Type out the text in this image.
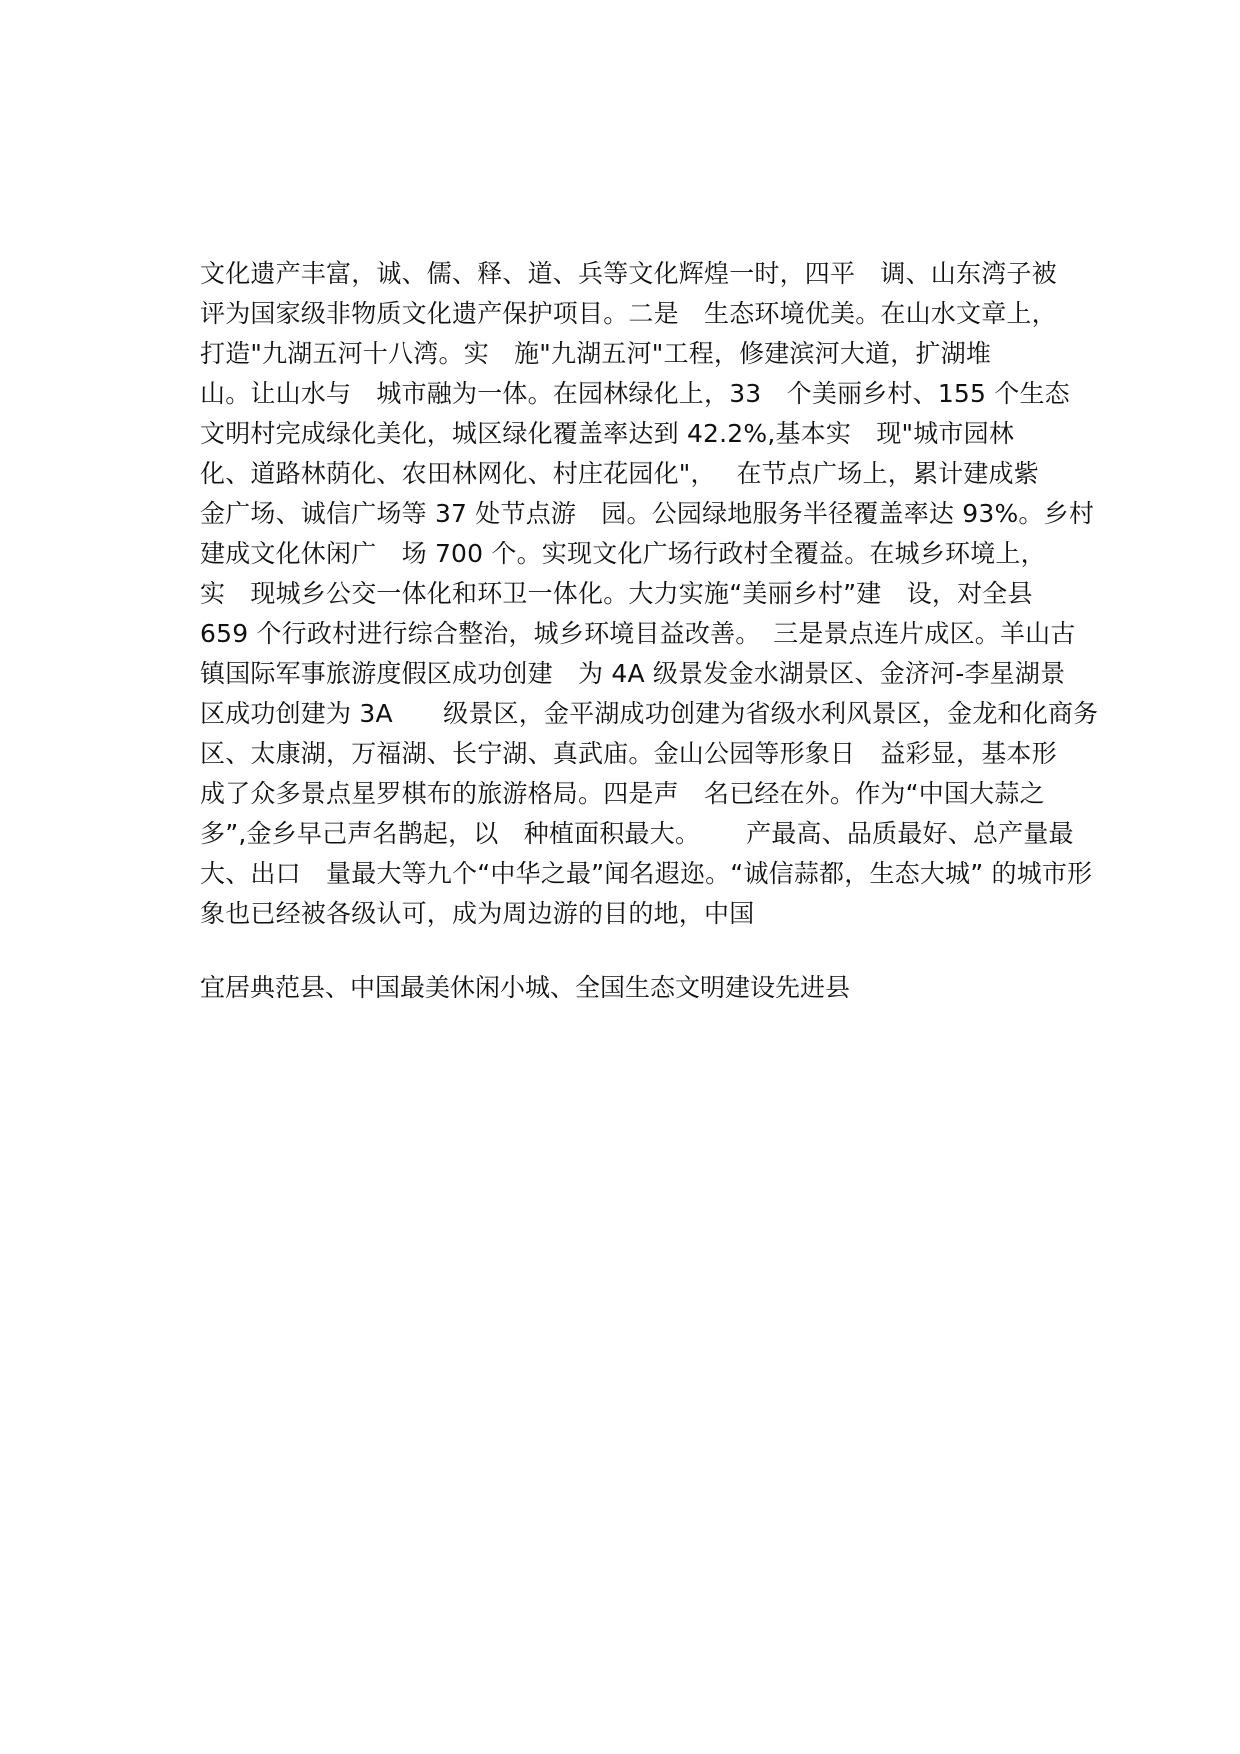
文化遗产丰富，诚、儒、释、道、兵等文化辉煌一时，四平　调、山东湾子被
评为国家级非物质文化遗产保护项目。二是　生态环境优美。在山水文章上，
打造"九湖五河十八湾。实　施"九湖五河"工程，修建滨河大道，扩湖堆
山。让山水与　城市融为一体。在园林绿化上，33　个美丽乡村、155 个生态
文明村完成绿化美化，城区绿化覆盖率达到 42.2%,基本实　现"城市园林
化、道路林荫化、农田林网化、村庄花园化"，　 在节点广场上，累计建成紫
金广场、诚信广场等 37 处节点游　园。公园绿地服务半径覆盖率达 93%。乡村
建成文化休闲广　场 700 个。实现文化广场行政村全覆益。在城乡环境上，
实　现城乡公交一体化和环卫一体化。大力实施“美丽乡村”建　设，对全县
659 个行政村进行综合整治，城乡环境目益改善。　三是景点连片成区。羊山古
镇国际军事旅游度假区成功创建　为 4A 级景发金水湖景区、金济河-李星湖景
区成功创建为 3A　　级景区，金平湖成功创建为省级水利风景区，金龙和化商务
区、太康湖，万福湖、长宁湖、真武庙。金山公园等形象日　益彩显，基本形
成了众多景点星罗棋布的旅游格局。四是声　名已经在外。作为“中国大蒜之
多”,金乡早己声名鹊起，以　种植面积最大。　　 产最高、品质最好、总产量最
大、出口　量最大等九个“中华之最”闻名遐迩。“诚信蒜都，生态大城” 的城市形
象也已经被各级认可，成为周边游的目的地，中国
宜居典范县、中国最美休闲小城、全国生态文明建设先进县
